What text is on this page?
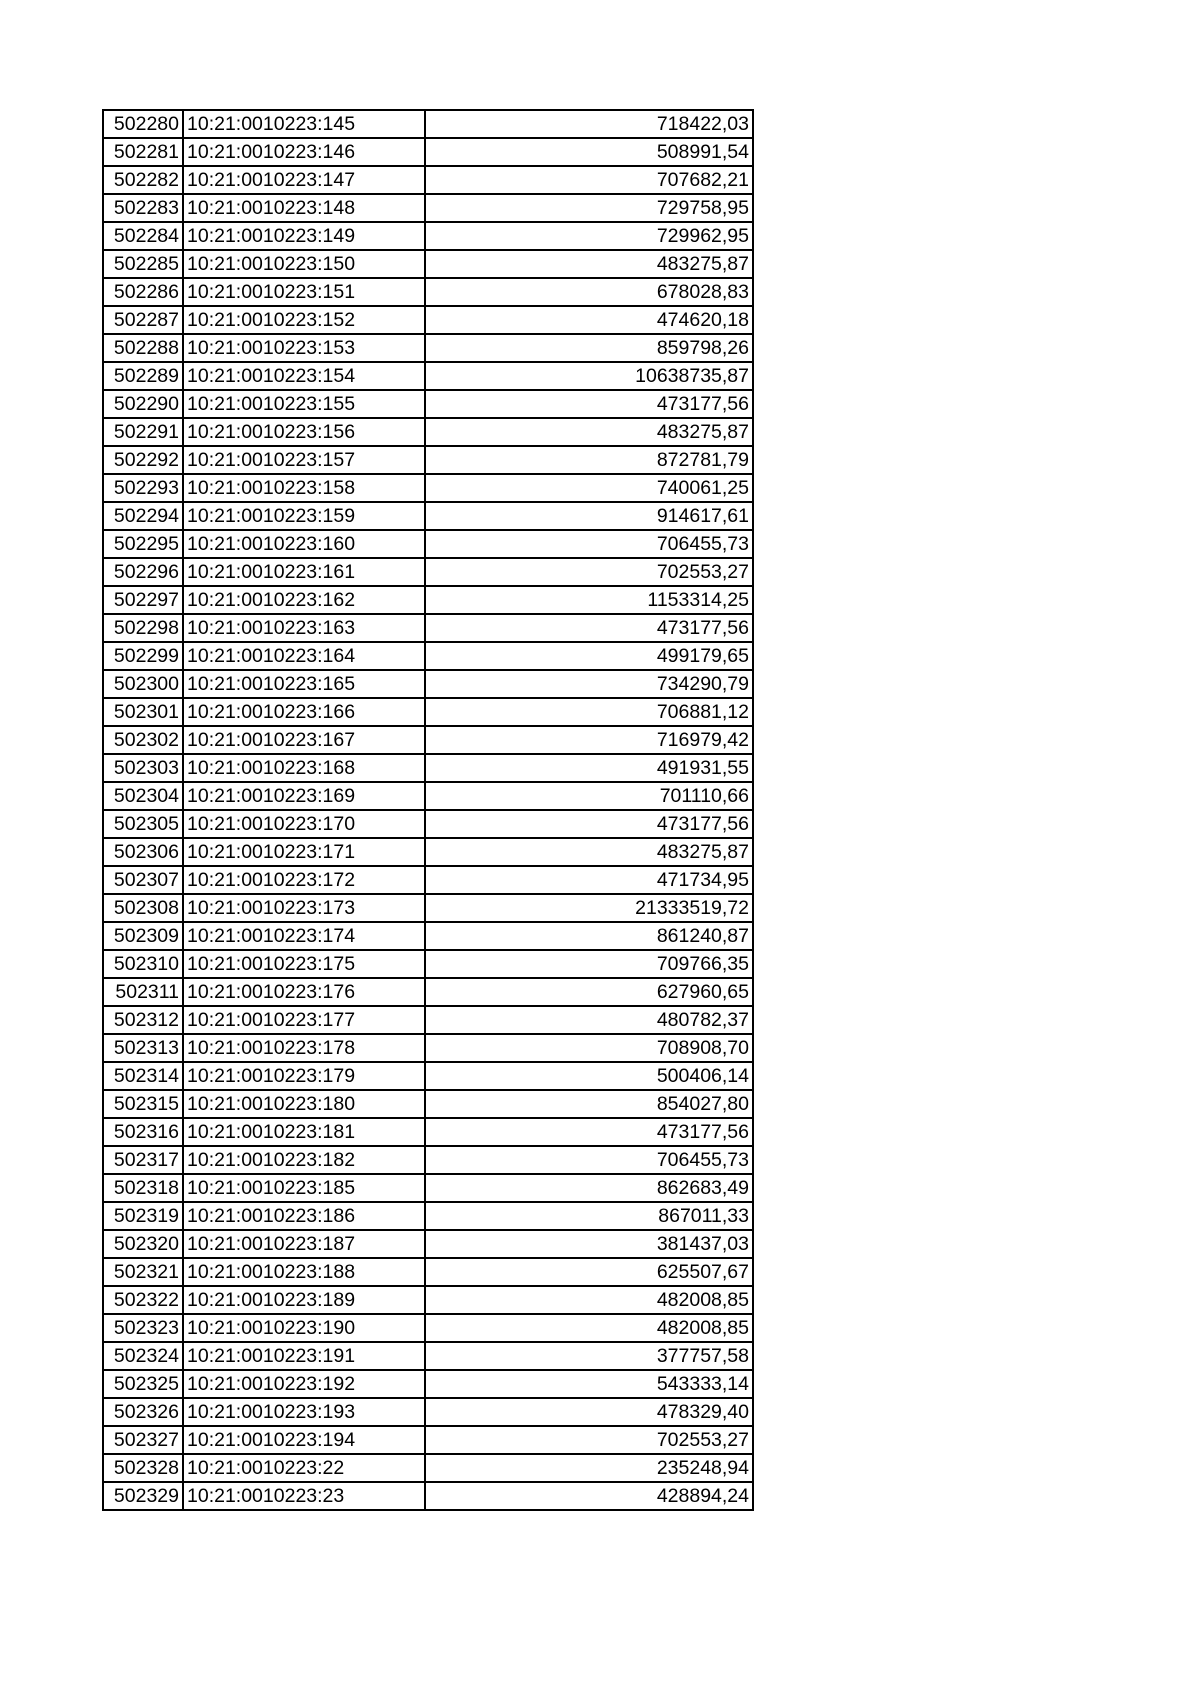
502280	10:21:0010223:145	718422,03
502281	10:21:0010223:146	508991,54
502282	10:21:0010223:147	707682,21
502283	10:21:0010223:148	729758,95
502284	10:21:0010223:149	729962,95
502285	10:21:0010223:150	483275,87
502286	10:21:0010223:151	678028,83
502287	10:21:0010223:152	474620,18
502288	10:21:0010223:153	859798,26
502289	10:21:0010223:154	10638735,87
502290	10:21:0010223:155	473177,56
502291	10:21:0010223:156	483275,87
502292	10:21:0010223:157	872781,79
502293	10:21:0010223:158	740061,25
502294	10:21:0010223:159	914617,61
502295	10:21:0010223:160	706455,73
502296	10:21:0010223:161	702553,27
502297	10:21:0010223:162	1153314,25
502298	10:21:0010223:163	473177,56
502299	10:21:0010223:164	499179,65
502300	10:21:0010223:165	734290,79
502301	10:21:0010223:166	706881,12
502302	10:21:0010223:167	716979,42
502303	10:21:0010223:168	491931,55
502304	10:21:0010223:169	701110,66
502305	10:21:0010223:170	473177,56
502306	10:21:0010223:171	483275,87
502307	10:21:0010223:172	471734,95
502308	10:21:0010223:173	21333519,72
502309	10:21:0010223:174	861240,87
502310	10:21:0010223:175	709766,35
502311	10:21:0010223:176	627960,65
502312	10:21:0010223:177	480782,37
502313	10:21:0010223:178	708908,70
502314	10:21:0010223:179	500406,14
502315	10:21:0010223:180	854027,80
502316	10:21:0010223:181	473177,56
502317	10:21:0010223:182	706455,73
502318	10:21:0010223:185	862683,49
502319	10:21:0010223:186	867011,33
502320	10:21:0010223:187	381437,03
502321	10:21:0010223:188	625507,67
502322	10:21:0010223:189	482008,85
502323	10:21:0010223:190	482008,85
502324	10:21:0010223:191	377757,58
502325	10:21:0010223:192	543333,14
502326	10:21:0010223:193	478329,40
502327	10:21:0010223:194	702553,27
502328	10:21:0010223:22	235248,94
502329	10:21:0010223:23	428894,24
